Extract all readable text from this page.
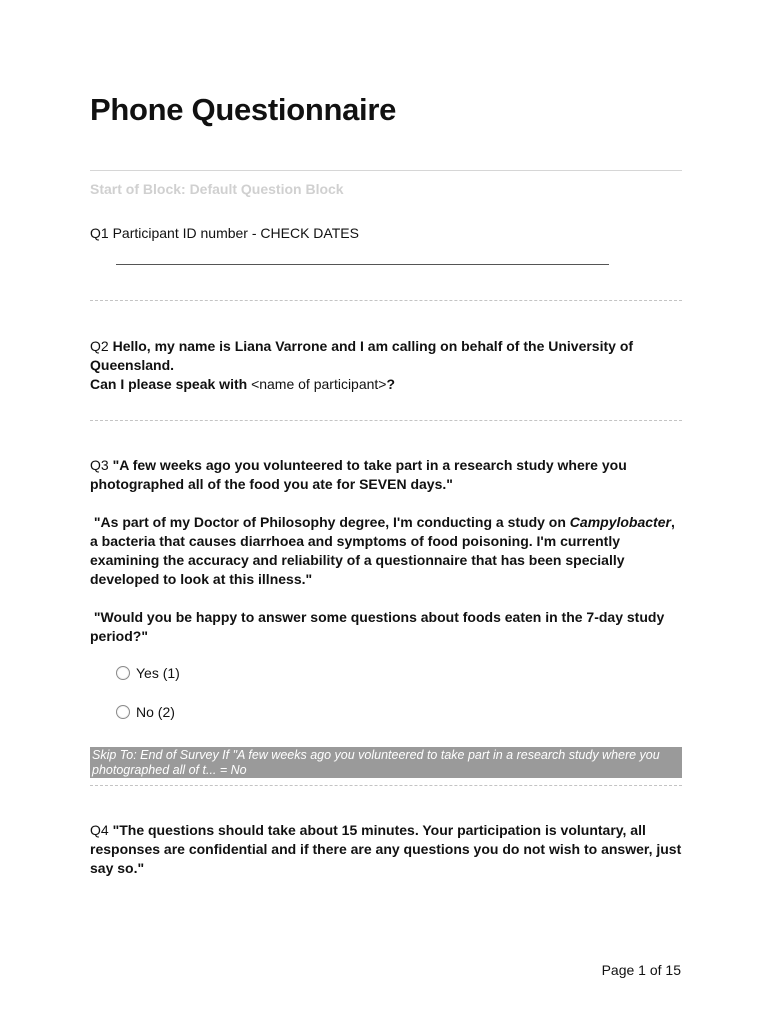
Phone Questionnaire
Start of Block: Default Question Block
Q1 Participant ID number - CHECK DATES
Q2 Hello, my name is Liana Varrone and I am calling on behalf of the University of
Queensland.
Can I please speak with <name of participant>?
Q3 "A few weeks ago you volunteered to take part in a research study where you
photographed all of the food you ate for SEVEN days."
"As part of my Doctor of Philosophy degree, I'm conducting a study on Campylobacter,
a bacteria that causes diarrhoea and symptoms of food poisoning. I'm currently
examining the accuracy and reliability of a questionnaire that has been specially
developed to look at this illness."
"Would you be happy to answer some questions about foods eaten in the 7-day study
period?"
Yes (1)
No (2)
Skip To: End of Survey If "A few weeks ago you volunteered to take part in a research study where you
photographed all of t... = No
Q4 "The questions should take about 15 minutes. Your participation is voluntary, all
responses are confidential and if there are any questions you do not wish to answer, just
say so."
Page 1 of 15
